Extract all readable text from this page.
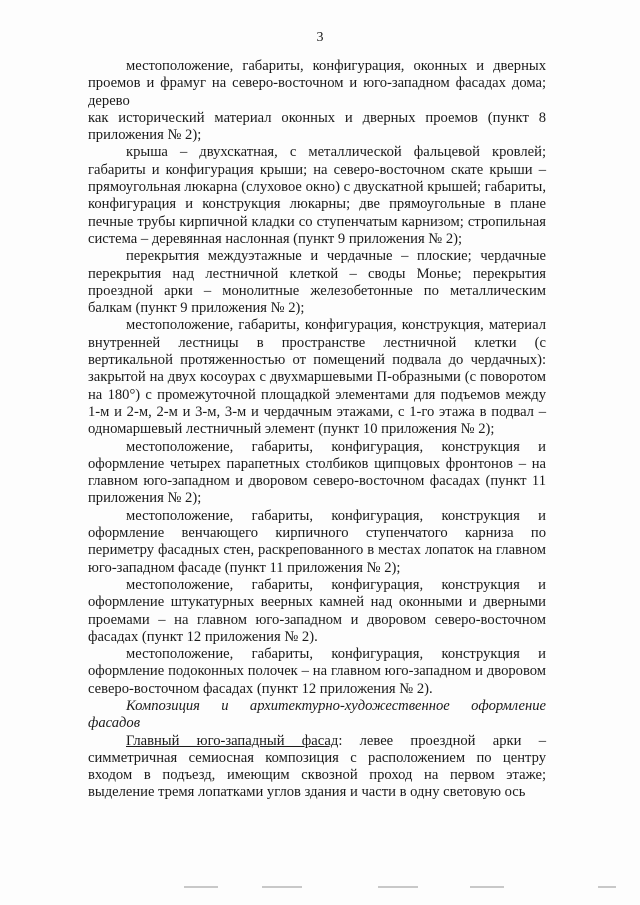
3

местоположение, габариты, конфигурация, оконных и дверных проемов и фрамуг на северо-восточном и юго-западном фасадах дома; дерево

как исторический материал оконных и дверных проемов (пункт 8 приложения № 2);

крыша – двухскатная, с металлической фальцевой кровлей; габариты и конфигурация крыши; на северо-восточном скате крыши – прямоугольная люкарна (слуховое окно) с двускатной крышей; габариты, конфигурация и конструкция люкарны; две прямоугольные в плане печные трубы кирпичной кладки со ступенчатым карнизом; стропильная система – деревянная наслонная (пункт 9 приложения № 2);

перекрытия междуэтажные и чердачные – плоские; чердачные перекрытия над лестничной клеткой – своды Монье; перекрытия проездной арки – монолитные железобетонные по металлическим балкам (пункт 9 приложения № 2);

местоположение, габариты, конфигурация, конструкция, материал внутренней лестницы в пространстве лестничной клетки (с вертикальной протяженностью от помещений подвала до чердачных): закрытой на двух косоурах с двухмаршевыми П-образными (с поворотом на 180°) с промежуточной площадкой элементами для подъемов между 1-м и 2-м, 2-м и 3-м, 3-м и чердачным этажами, с 1-го этажа в подвал – одномаршевый лестничный элемент (пункт 10 приложения № 2);

местоположение, габариты, конфигурация, конструкция и оформление четырех парапетных столбиков щипцовых фронтонов – на главном юго-западном и дворовом северо-восточном фасадах (пункт 11 приложения № 2);

местоположение, габариты, конфигурация, конструкция и оформление венчающего кирпичного ступенчатого карниза по периметру фасадных стен, раскрепованного в местах лопаток на главном юго-западном фасаде (пункт 11 приложения № 2);

местоположение, габариты, конфигурация, конструкция и оформление штукатурных веерных камней над оконными и дверными проемами – на главном юго-западном и дворовом северо-восточном фасадах (пункт 12 приложения № 2).

местоположение, габариты, конфигурация, конструкция и оформление подоконных полочек – на главном юго-западном и дворовом северо-восточном фасадах (пункт 12 приложения № 2).

Композиция и архитектурно-художественное оформление фасадов

Главный юго-западный фасад: левее проездной арки – симметричная семиосная композиция с расположением по центру входом в подъезд, имеющим сквозной проход на первом этаже; выделение тремя лопатками углов здания и части в одну световую ось
